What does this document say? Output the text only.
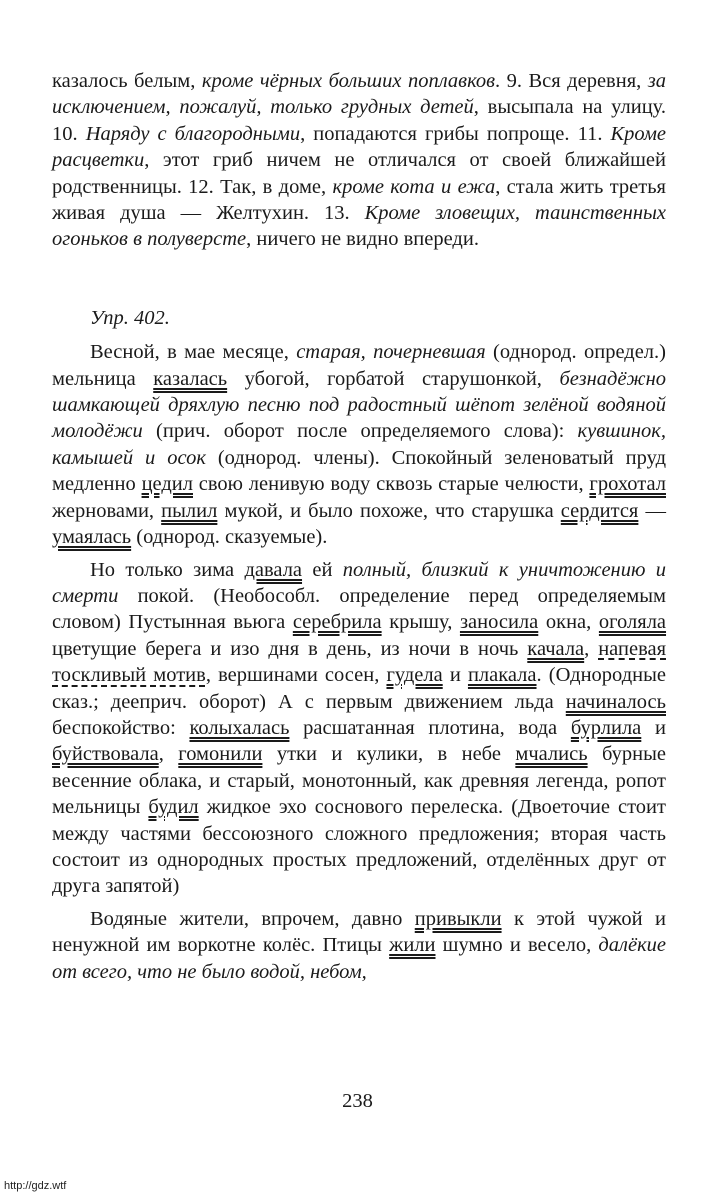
казалось белым, кроме чёрных больших поплавков. 9. Вся деревня, за исключением, пожалуй, только грудных детей, высыпала на улицу. 10. Наряду с благородными, попадаются грибы попроще. 11. Кроме расцветки, этот гриб ничем не отличался от своей ближайшей родственницы. 12. Так, в доме, кроме кота и ежа, стала жить третья живая душа — Желтухин. 13. Кроме зловещих, таинственных огоньков в полуверсте, ничего не видно впереди.

Упр. 402.

Весной, в мае месяце, старая, почерневшая (однород. определ.) мельница казалась убогой, горбатой старушонкой, безнадёжно шамкающей дряхлую песню под радостный шёпот зелёной водяной молодёжи (прич. оборот после определяемого слова): кувшинок, камышей и осок (однород. члены). Спокойный зеленоватый пруд медленно цедил свою ленивую воду сквозь старые челюсти, грохотал жерновами, пылил мукой, и было похоже, что старушка сердится — умаялась (однород. сказуемые).

Но только зима давала ей полный, близкий к уничтожению и смерти покой. (Необособл. определение перед определяемым словом) Пустынная вьюга серебрила крышу, заносила окна, оголяла цветущие берега и изо дня в день, из ночи в ночь качала, напевая тоскливый мотив, вершинами сосен, гудела и плакала. (Однородные сказ.; дееприч. оборот) А с первым движением льда начиналось беспокойство: колыхалась расшатанная плотина, вода бурлила и буйствовала, гомонили утки и кулики, в небе мчались бурные весенние облака, и старый, монотонный, как древняя легенда, ропот мельницы будил жидкое эхо соснового перелеска. (Двоеточие стоит между частями бессоюзного сложного предложения; вторая часть состоит из однородных простых предложений, отделённых друг от друга запятой)

Водяные жители, впрочем, давно привыкли к этой чужой и ненужной им воркотне колёс. Птицы жили шумно и весело, далёкие от всего, что не было водой, небом,

238
http://gdz.wtf
